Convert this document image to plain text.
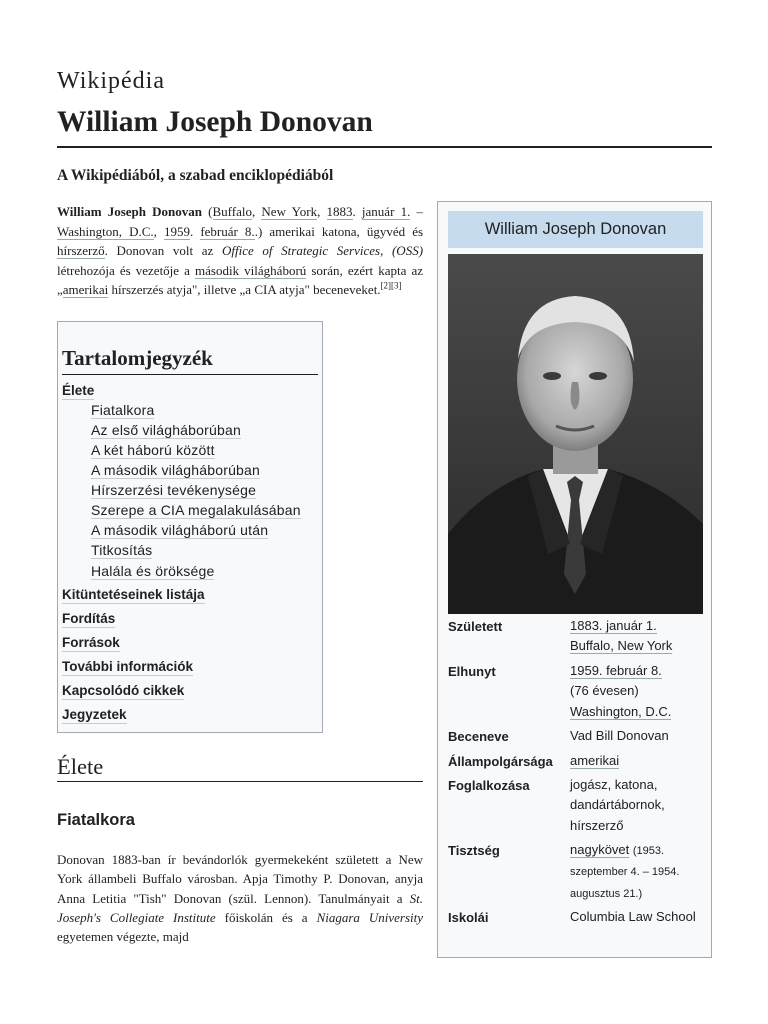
Wikipédia
William Joseph Donovan
A Wikipédiából, a szabad enciklopédiából
William Joseph Donovan (Buffalo, New York, 1883. január 1. – Washington, D.C., 1959. február 8..) amerikai katona, ügyvéd és hírszerző. Donovan volt az Office of Strategic Services, (OSS) létrehozója és vezetője a második világháború során, ezért kapta az „amerikai hírszerzés atyja", illetve „a CIA atyja" beceneveket.[2][3]
Tartalomjegyzék
Élete
Fiatalkora
Az első világháborúban
A két háború között
A második világháborúban
Hírszerzési tevékenysége
Szerepe a CIA megalakulásában
A második világháború után
Titkosítás
Halála és öröksége
Kitüntetéseinek listája
Fordítás
Források
További információk
Kapcsolódó cikkek
Jegyzetek
Élete
Fiatalkora
Donovan 1883-ban ír bevándorlók gyermekeként született a New York állambeli Buffalo városban. Apja Timothy P. Donovan, anyja Anna Letitia "Tish" Donovan (szül. Lennon). Tanulmányait a St. Joseph's Collegiate Institute főiskolán és a Niagara University egyetemen végezte, majd
William Joseph Donovan
Született	1883. január 1.
Buffalo, New York
Elhunyt	1959. február 8.
(76 évesen)
Washington, D.C.
Beceneve	Vad Bill Donovan
Állampolgársága amerikai
Foglalkozása	jogász, katona, dandártábornok, hírszerző
Tisztség	nagykövet (1953. szeptember 4. – 1954. augusztus 21.)
Iskolái	Columbia Law School
